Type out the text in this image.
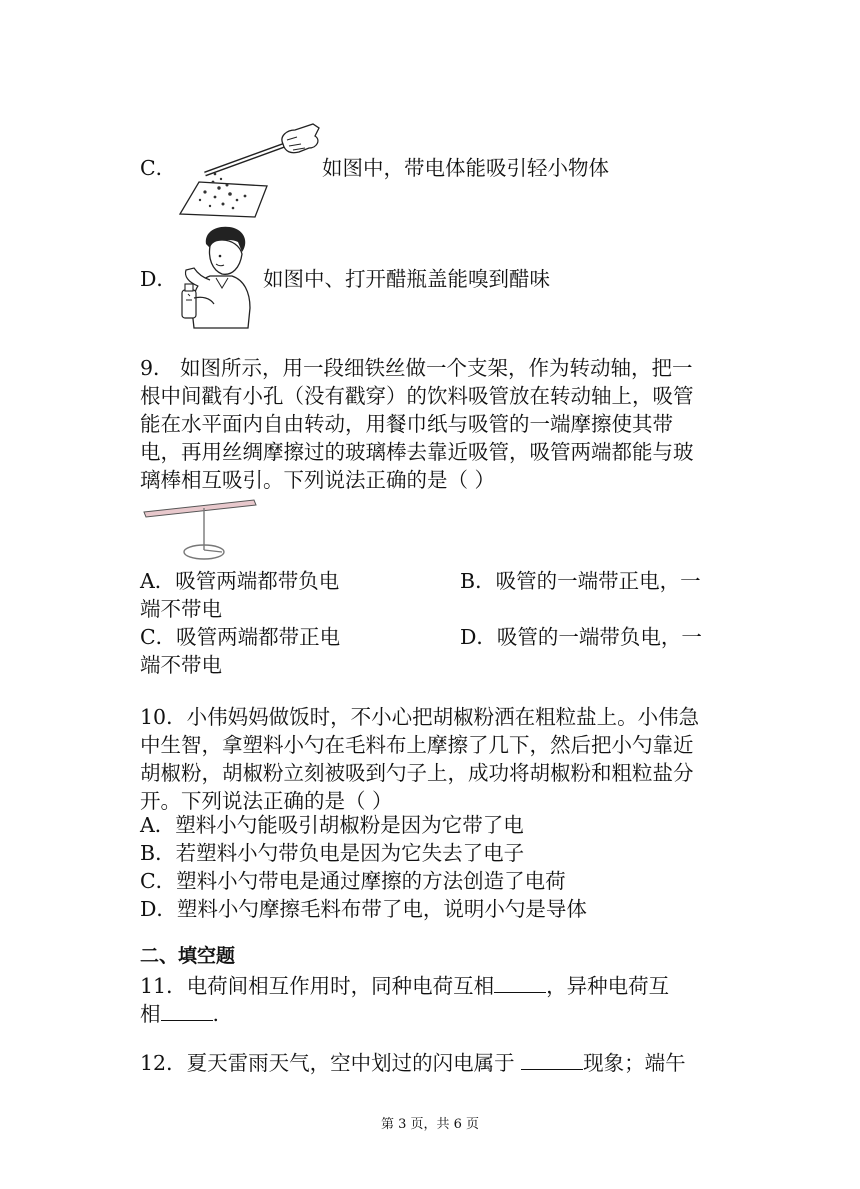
C．	如图中，带电体能吸引轻小物体
D．	如图中、打开醋瓶盖能嗅到醋味
9． 如图所示，用一段细铁丝做一个支架，作为转动轴，把一
根中间戳有小孔（没有戳穿）的饮料吸管放在转动轴上，吸管
能在水平面内自由转动，用餐巾纸与吸管的一端摩擦使其带
电，再用丝绸摩擦过的玻璃棒去靠近吸管，吸管两端都能与玻
璃棒相互吸引。下列说法正确的是（ ）
A．吸管两端都带负电	B．吸管的一端带正电，一
端不带电
C．吸管两端都带正电	D．吸管的一端带负电，一
端不带电
10．小伟妈妈做饭时，不小心把胡椒粉洒在粗粒盐上。小伟急
中生智，拿塑料小勺在毛料布上摩擦了几下，然后把小勺靠近
胡椒粉，胡椒粉立刻被吸到勺子上，成功将胡椒粉和粗粒盐分
开。下列说法正确的是（ ）
A．塑料小勺能吸引胡椒粉是因为它带了电
B．若塑料小勺带负电是因为它失去了电子
C．塑料小勺带电是通过摩擦的方法创造了电荷
D．塑料小勺摩擦毛料布带了电，说明小勺是导体
二、填空题
11．电荷间相互作用时，同种电荷互相	，异种电荷互
相	.
12．夏天雷雨天气，空中划过的闪电属于	现象；端午
第 3 页，共 6 页
